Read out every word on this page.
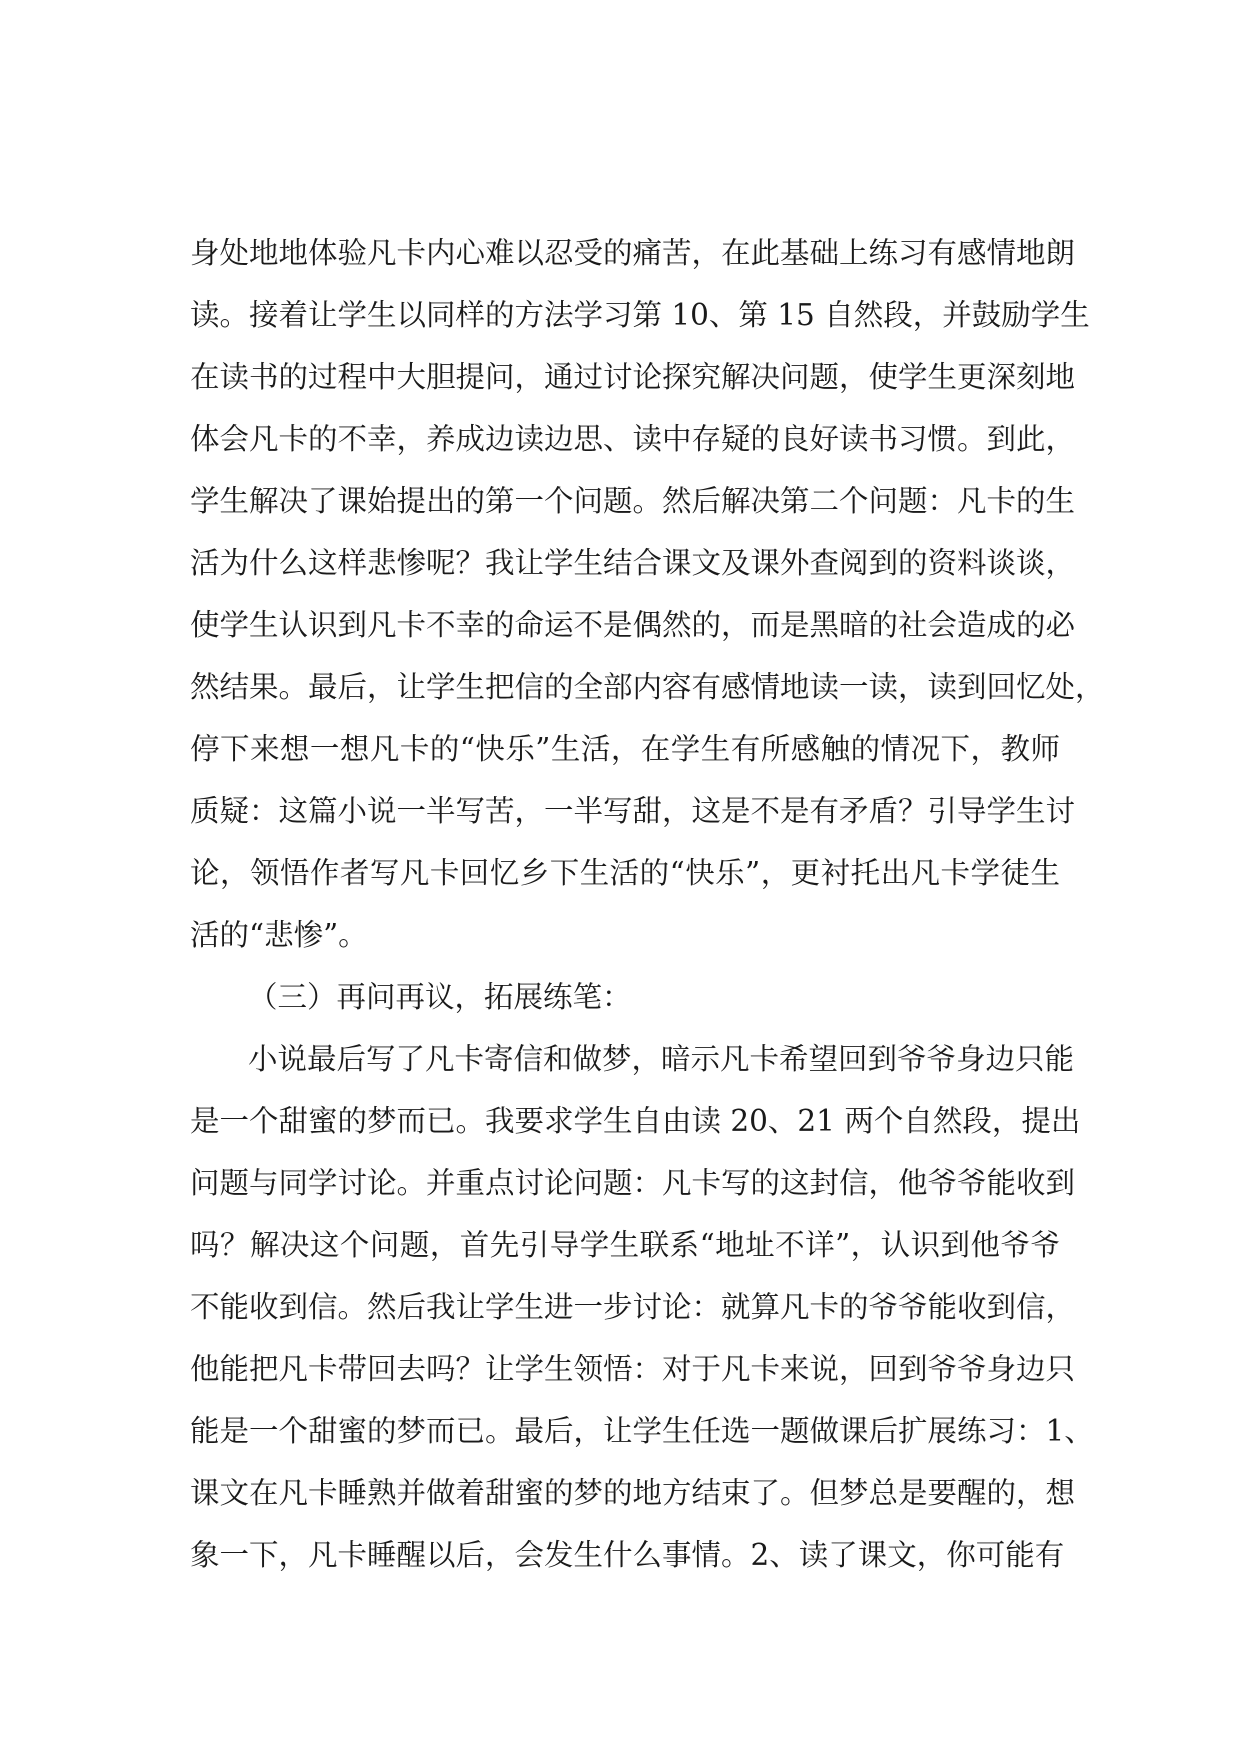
身处地地体验凡卡内心难以忍受的痛苦，在此基础上练习有感情地朗
读。接着让学生以同样的方法学习第 10、第 15 自然段，并鼓励学生
在读书的过程中大胆提问，通过讨论探究解决问题，使学生更深刻地
体会凡卡的不幸，养成边读边思、读中存疑的良好读书习惯。到此，
学生解决了课始提出的第一个问题。然后解决第二个问题：凡卡的生
活为什么这样悲惨呢？我让学生结合课文及课外查阅到的资料谈谈，
使学生认识到凡卡不幸的命运不是偶然的，而是黑暗的社会造成的必
然结果。最后，让学生把信的全部内容有感情地读一读，读到回忆处，
停下来想一想凡卡的“快乐”生活，在学生有所感触的情况下，教师
质疑：这篇小说一半写苦，一半写甜，这是不是有矛盾？引导学生讨
论，领悟作者写凡卡回忆乡下生活的“快乐”，更衬托出凡卡学徒生
活的“悲惨”。
（三）再问再议，拓展练笔：
小说最后写了凡卡寄信和做梦，暗示凡卡希望回到爷爷身边只能
是一个甜蜜的梦而已。我要求学生自由读 20、21 两个自然段，提出
问题与同学讨论。并重点讨论问题：凡卡写的这封信，他爷爷能收到
吗？解决这个问题，首先引导学生联系“地址不详”，认识到他爷爷
不能收到信。然后我让学生进一步讨论：就算凡卡的爷爷能收到信，
他能把凡卡带回去吗？让学生领悟：对于凡卡来说，回到爷爷身边只
能是一个甜蜜的梦而已。最后，让学生任选一题做课后扩展练习：1、
课文在凡卡睡熟并做着甜蜜的梦的地方结束了。但梦总是要醒的，想
象一下，凡卡睡醒以后，会发生什么事情。2、读了课文，你可能有
